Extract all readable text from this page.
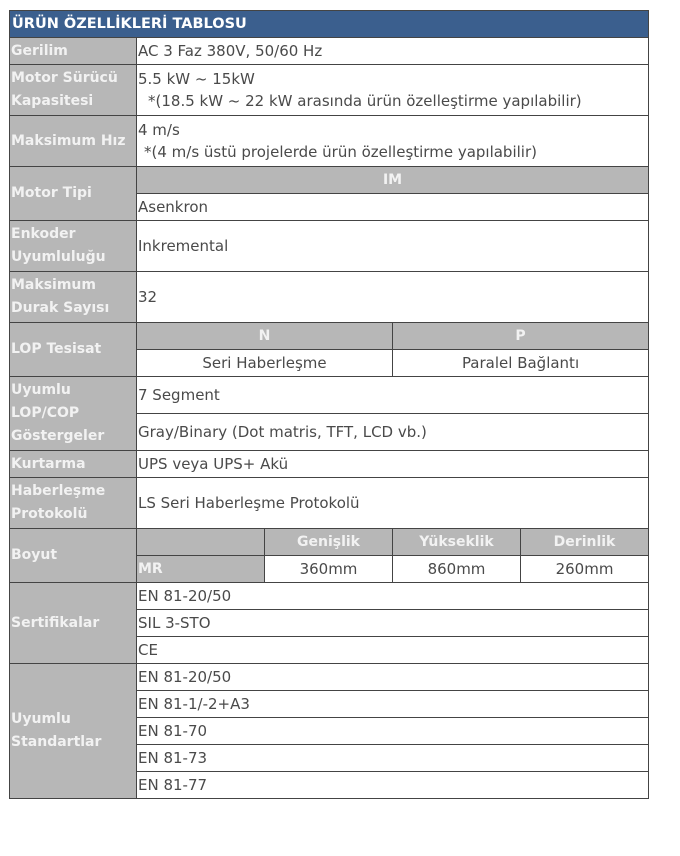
ÜRÜN ÖZELLİKLERİ TABLOSU				
Gerilim	AC 3 Faz 380V, 50/60 Hz			
Motor Sürücü Kapasitesi	5.5 kW ~ 15kW
*(18.5 kW ~ 22 kW arasında ürün özelleştirme yapılabilir)			

Maksimum Hız	4 m/s
*(4 m/s üstü projelerde ürün özelleştirme yapılabilir)			

Motor Tipi	IM			
	Asenkron			
Enkoder Uyumluluğu	Inkremental			
Maksimum Durak Sayısı	32			
LOP Tesisat	N		P	
	Seri Haberleşme		Paralel Bağlantı	
Uyumlu LOP/COP Göstergeler	7 Segment			
	Gray/Binary (Dot matris, TFT, LCD vb.)			
Kurtarma	UPS veya UPS+ Akü			
Haberleşme Protokolü	LS Seri Haberleşme Protokolü			
Boyut		Genişlik	Yükseklik	Derinlik
	MR	360mm	860mm	260mm
Sertifikalar	EN 81-20/50			
	SIL 3-STO			
	CE			
Uyumlu Standartlar	EN 81-20/50			
	EN 81-1/-2+A3			
	EN 81-70			
	EN 81-73			
	EN 81-77			
